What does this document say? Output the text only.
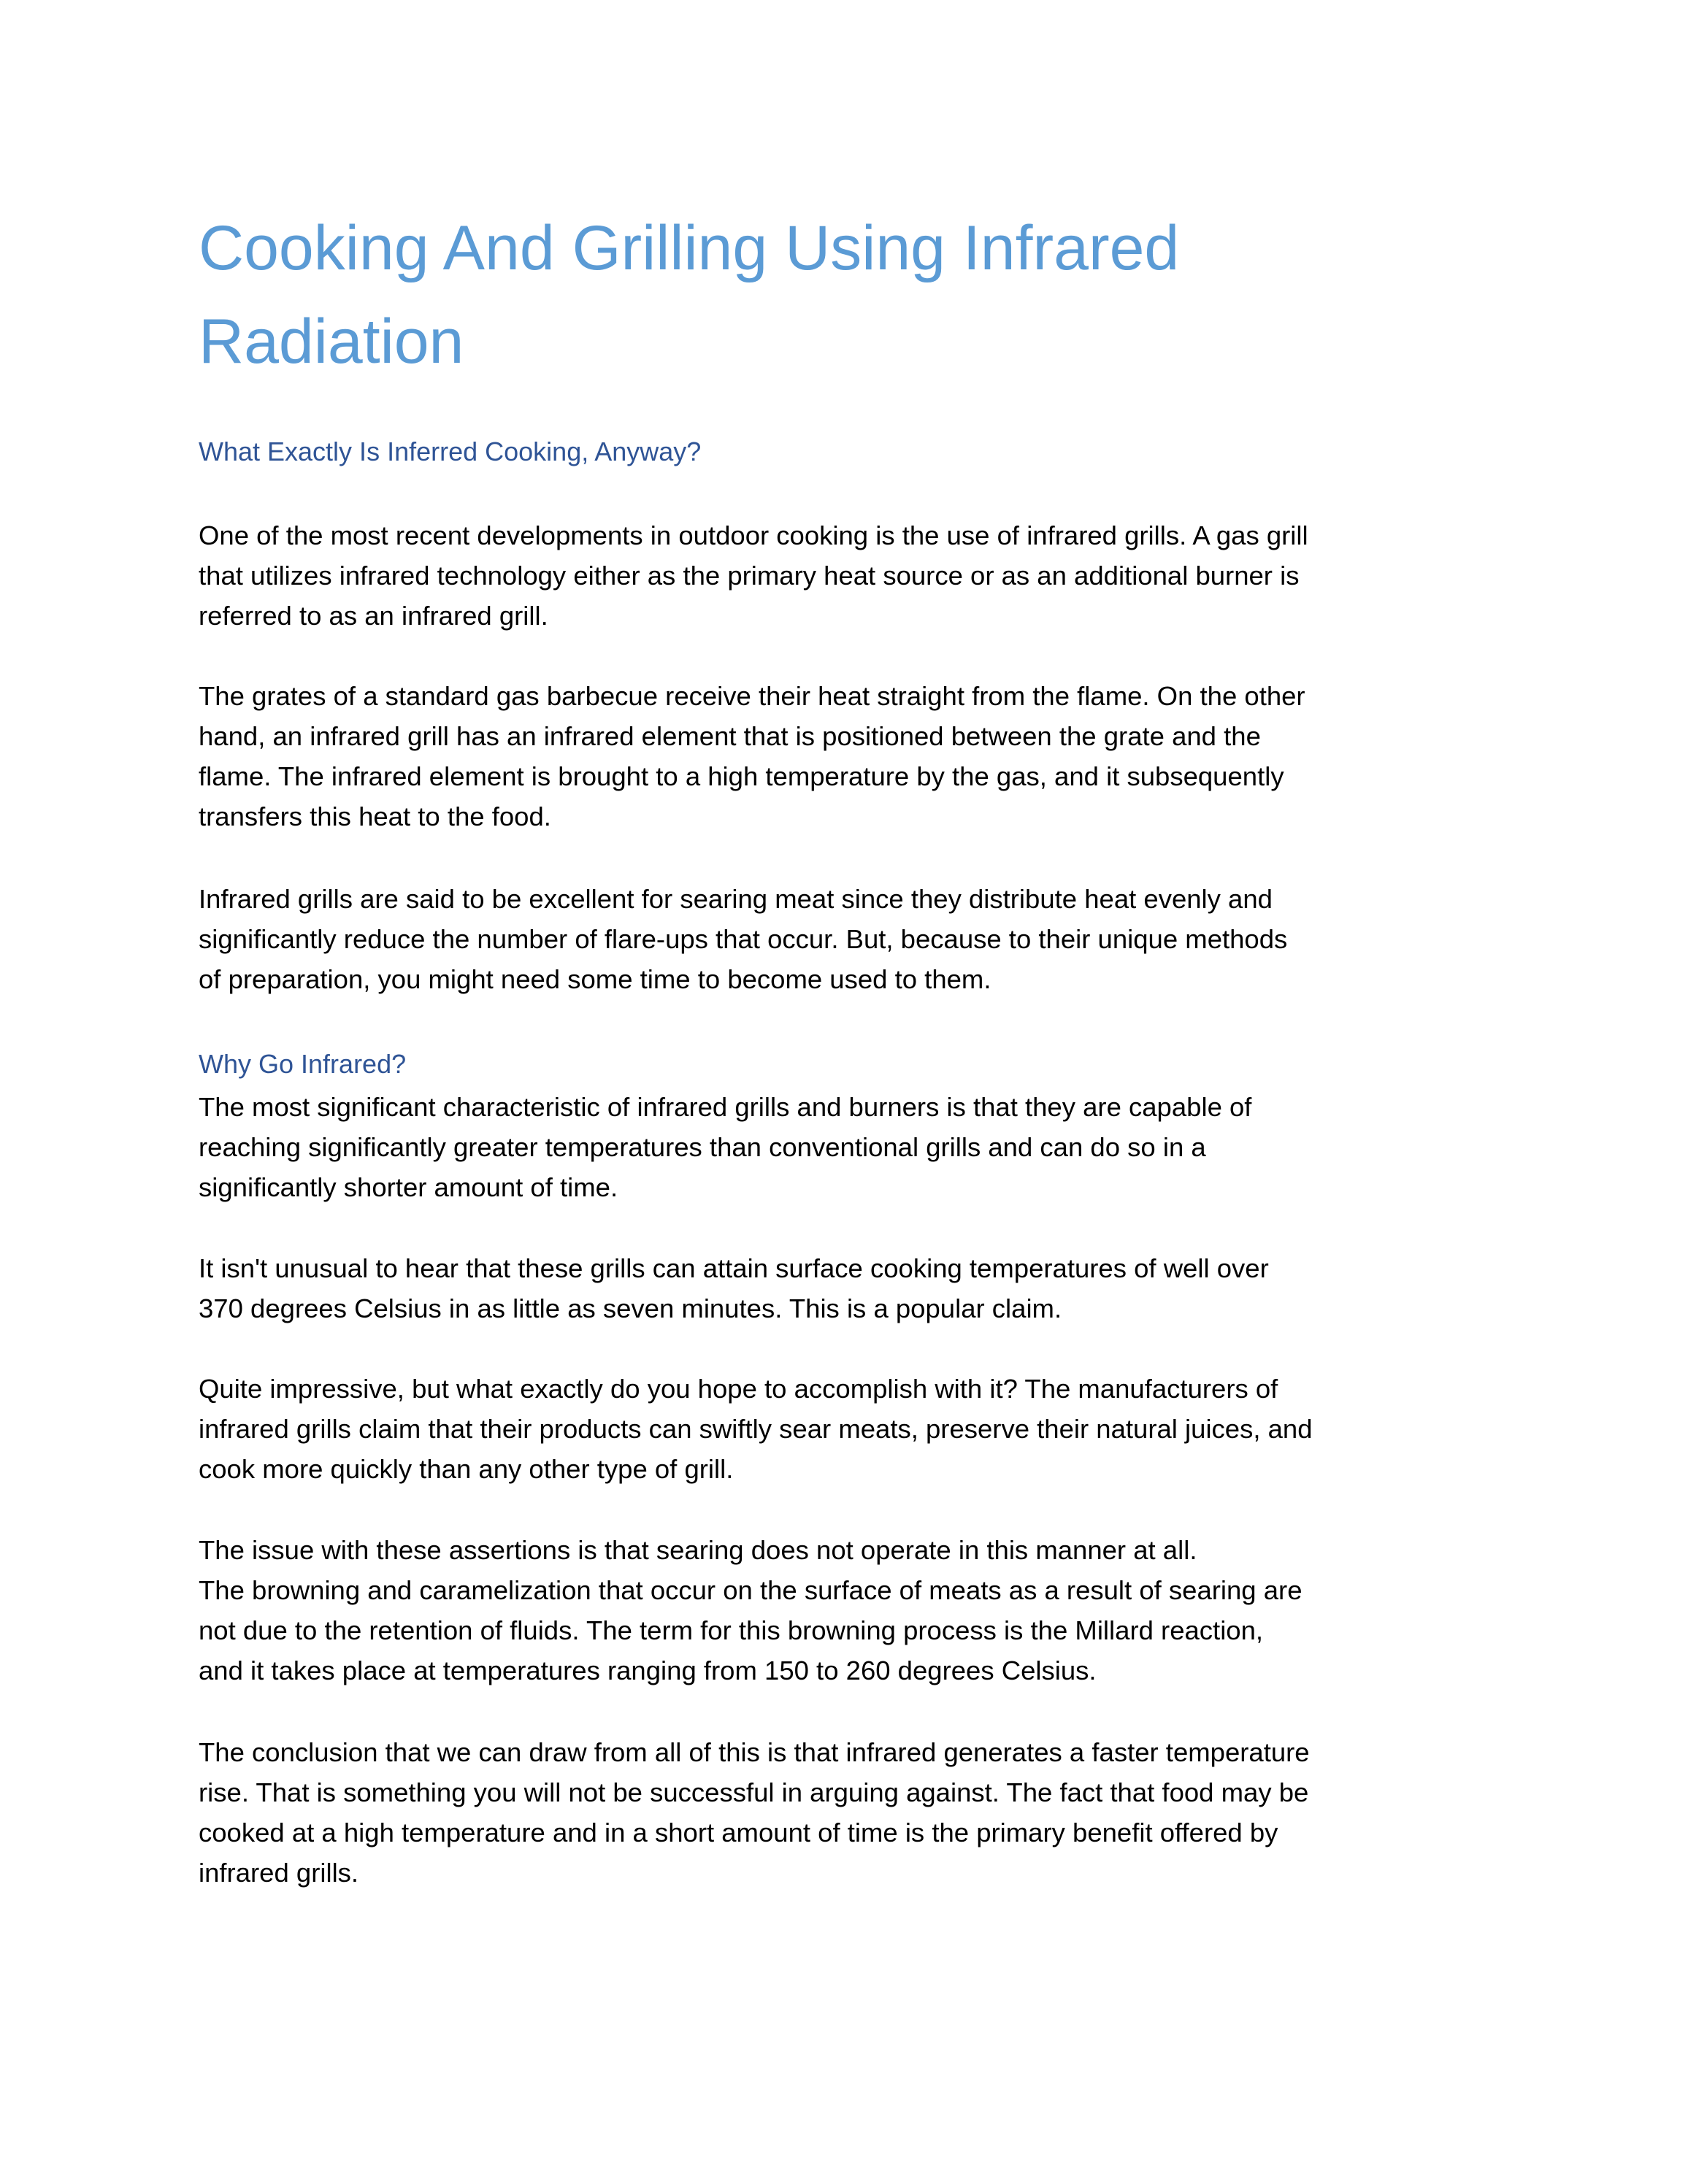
Cooking And Grilling Using Infrared
Radiation
What Exactly Is Inferred Cooking, Anyway?

One of the most recent developments in outdoor cooking is the use of infrared grills. A gas grill
that utilizes infrared technology either as the primary heat source or as an additional burner is
referred to as an infrared grill.

The grates of a standard gas barbecue receive their heat straight from the flame. On the other
hand, an infrared grill has an infrared element that is positioned between the grate and the
flame. The infrared element is brought to a high temperature by the gas, and it subsequently
transfers this heat to the food.

Infrared grills are said to be excellent for searing meat since they distribute heat evenly and
significantly reduce the number of flare-ups that occur. But, because to their unique methods
of preparation, you might need some time to become used to them.

Why Go Infrared?

The most significant characteristic of infrared grills and burners is that they are capable of
reaching significantly greater temperatures than conventional grills and can do so in a
significantly shorter amount of time.

It isn't unusual to hear that these grills can attain surface cooking temperatures of well over
370 degrees Celsius in as little as seven minutes. This is a popular claim.

Quite impressive, but what exactly do you hope to accomplish with it? The manufacturers of
infrared grills claim that their products can swiftly sear meats, preserve their natural juices, and
cook more quickly than any other type of grill.

The issue with these assertions is that searing does not operate in this manner at all.
The browning and caramelization that occur on the surface of meats as a result of searing are
not due to the retention of fluids. The term for this browning process is the Millard reaction,
and it takes place at temperatures ranging from 150 to 260 degrees Celsius.

The conclusion that we can draw from all of this is that infrared generates a faster temperature
rise. That is something you will not be successful in arguing against. The fact that food may be
cooked at a high temperature and in a short amount of time is the primary benefit offered by
infrared grills.
